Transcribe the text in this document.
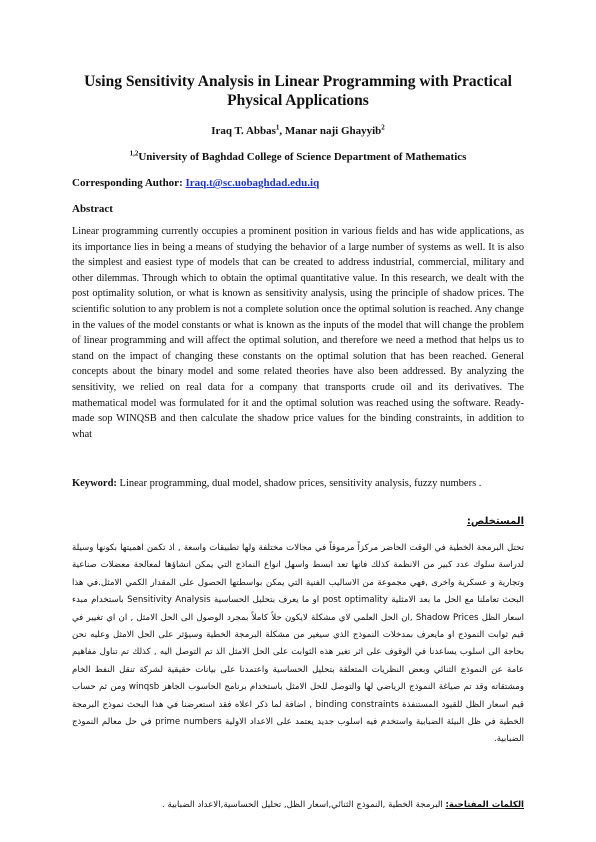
Using Sensitivity Analysis in Linear Programming with Practical Physical Applications
Iraq T. Abbas$^1$, Manar naji Ghayyib$^2$
$^{1,2}$University of Baghdad College of Science Department of Mathematics
Corresponding Author: Iraq.t@sc.uobaghdad.edu.iq
Abstract

Linear programming currently occupies a prominent position in various fields and has wide applications, as its importance lies in being a means of studying the behavior of a large number of systems as well. It is also the simplest and easiest type of models that can be created to address industrial, commercial, military and other dilemmas. Through which to obtain the optimal quantitative value. In this research, we dealt with the post optimality solution, or what is known as sensitivity analysis, using the principle of shadow prices. The scientific solution to any problem is not a complete solution once the optimal solution is reached. Any change in the values of the model constants or what is known as the inputs of the model that will change the problem of linear programming and will affect the optimal solution, and therefore we need a method that helps us to stand on the impact of changing these constants on the optimal solution that has been reached. General concepts about the binary model and some related theories have also been addressed. By analyzing the sensitivity, we relied on real data for a company that transports crude oil and its derivatives. The mathematical model was formulated for it and the optimal solution was reached using the software. Ready-made sop WINQSB and then calculate the shadow price values for the binding constraints, in addition to what

Keyword: Linear programming, dual model, shadow prices, sensitivity analysis, fuzzy numbers .

المستخلص:

تحتل البرمجة الخطية في الوقت الحاضر مركزاً مرموقاً في مجالات مختلفة ولها تطبيقات واسعة , اذ تكمن اهميتها بكونها وسيلة لدراسة سلوك عدد كبير من الانظمة كذلك فانها تعد ابسط واسهل انواع النماذج التي يمكن انشاؤها لمعالجة معضلات صناعية وتجارية و عسكرية واخرى ,فهي مجموعة من الاساليب الفنية التي يمكن بواسطتها الحصول على المقدار الكمي الامثل.في هذا البحث تعاملنا مع الحل ما بعد الامثلية post optimality او ما يعرف بتحليل الحساسية Sensitivity Analysis باستخدام مبدء اسعار الظل Shadow Prices ,ان الحل العلمي لاي مشكلة لايكون حلاً كاملاً بمجرد الوصول الى الحل الامثل , ان اي تغيير في قيم ثوابت النموذج او مايعرف بمدخلات النموذج الذي سيغير من مشكلة البرمجة الخطية وسيؤثر على الحل الامثل وعليه نحن بحاجة الى اسلوب يساعدنا في الوقوف على اثر تغير هذه الثوابت على الحل الامثل الذ تم التوصل اليه , كذلك تم تناول مفاهيم عامة عن النموذج الثنائي وبعض النظريات المتعلقة بتحليل الحساسية واعتمدنا على بيانات حقيقية لشركة تنقل النفط الخام ومشتقاته وقد تم صياغة النموذج الرياضي لها والتوصل للحل الامثل باستخدام برنامج الحاسوب الجاهز winqsb ومن ثم حساب قيم اسعار الظل للقيود المستنفذة binding constraints , اضافة لما ذكر اعلاه فقد استعرضنا في هذا البحث نموذج البرمجة الخطية في ظل البيئة الضبابية واستخدم فيه اسلوب جديد يعتمد على الاعداد الاولية prime numbers في حل معالم النموذج الضبابية.

الكلمات المفتاحية: البرمجة الخطية ,النموذج الثنائي,اسعار الظل, تحليل الحساسية,الاعداد الضبابية .
